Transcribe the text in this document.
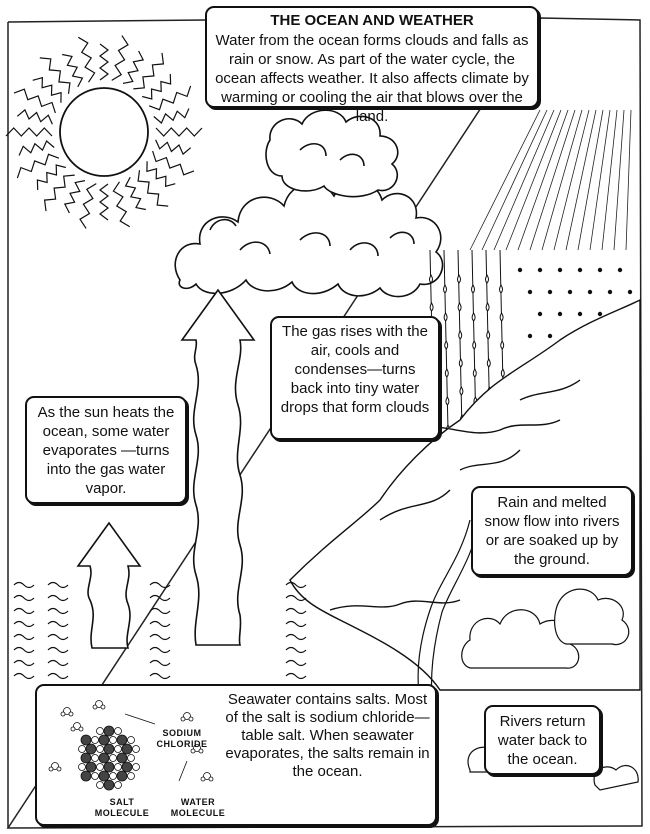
THE OCEAN AND WEATHER

Water from the ocean forms clouds and falls as rain or snow. As part of the water cycle, the ocean affects weather. It also affects climate by warming or cooling the air that blows over the land.

The gas rises with the air, cools and condenses—turns back into tiny water drops that form clouds

As the sun heats the ocean, some water evaporates —turns into the gas water vapor.

Rain and melted snow flow into rivers or are soaked up by the ground.

Rivers return water back to the ocean.

SODIUM CHLORIDE
SALT MOLECULE
WATER MOLECULE
Seawater contains salts. Most of the salt is sodium chloride—table salt. When seawater evaporates, the salts remain in the ocean.
